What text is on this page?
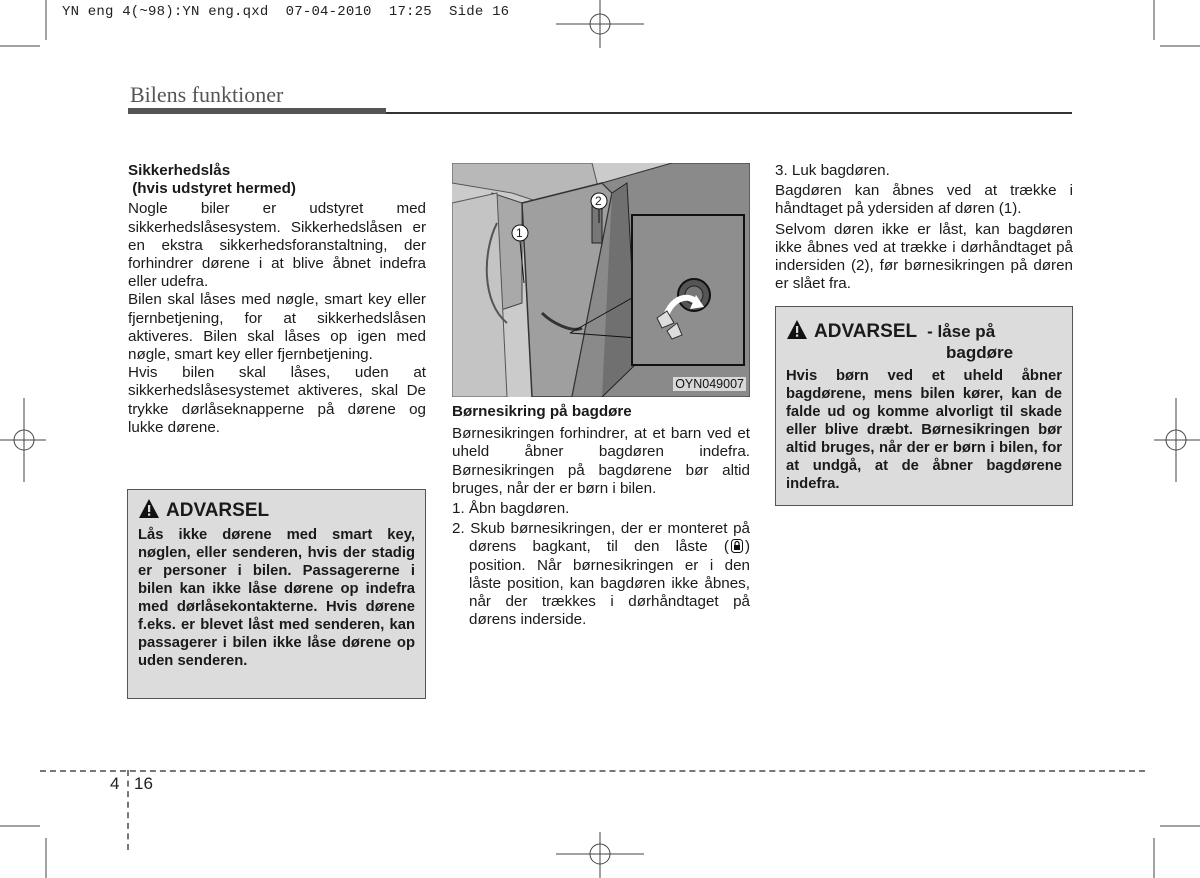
YN eng 4(~98):YN eng.qxd  07-04-2010  17:25  Side 16
Bilens funktioner

Sikkerhedslås

(hvis udstyret hermed)

Nogle biler er udstyret med sikkerhedslåsesystem. Sikkerhedslåsen er en ekstra sikkerhedsforanstaltning, der forhindrer dørene i at blive åbnet indefra eller udefra.

Bilen skal låses med nøgle, smart key eller fjernbetjening, for at sikkerhedslåsen aktiveres. Bilen skal låses op igen med nøgle, smart key eller fjernbetjening.

Hvis bilen skal låses, uden at sikkerhedslåsesystemet aktiveres, skal De trykke dørlåseknapperne på dørene og lukke dørene.

ADVARSEL
Lås ikke dørene med smart key, nøglen, eller senderen, hvis der stadig er personer i bilen. Passagererne i bilen kan ikke låse dørene op indefra med dørlåsekontakterne. Hvis dørene f.eks. er blevet låst med senderen, kan passagerer i bilen ikke låse dørene op uden senderen.
1
2
OYN049007

Børnesikring på bagdøre

Børnesikringen forhindrer, at et barn ved et uheld åbner bagdøren indefra. Børnesikringen på bagdørene bør altid bruges, når der er børn i bilen.

1. Åbn bagdøren.

2. Skub børnesikringen, der er monteret på dørens bagkant, til den låste ( ) position. Når børnesikringen er i den låste position, kan bagdøren ikke åbnes, når der trækkes i dørhåndtaget på dørens inderside.

3. Luk bagdøren.

Bagdøren kan åbnes ved at trække i håndtaget på ydersiden af døren (1).

Selvom døren ikke er låst, kan bagdøren ikke åbnes ved at trække i dørhåndtaget på indersiden (2), før børnesikringen på døren er slået fra.

ADVARSEL - låse på
bagdøre
Hvis børn ved et uheld åbner bagdørene, mens bilen kører, kan de falde ud og komme alvorligt til skade eller blive dræbt. Børnesikringen bør altid bruges, når der er børn i bilen, for at undgå, at de åbner bagdørene indefra.
4 16
